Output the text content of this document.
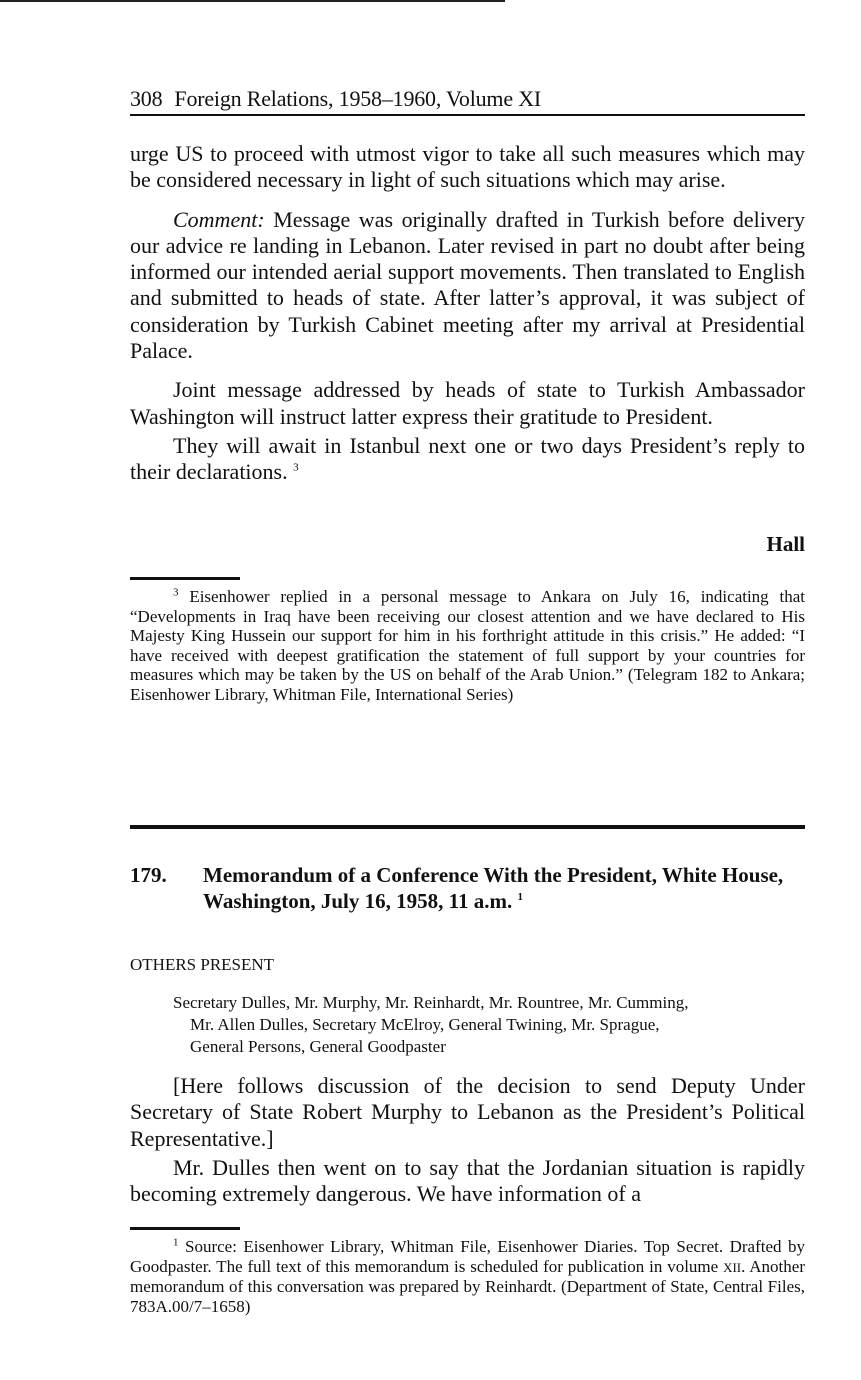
308 Foreign Relations, 1958–1960, Volume XI

urge US to proceed with utmost vigor to take all such measures which may be considered necessary in light of such situations which may arise.

Comment: Message was originally drafted in Turkish before delivery our advice re landing in Lebanon. Later revised in part no doubt after being informed our intended aerial support movements. Then translated to English and submitted to heads of state. After latter’s approval, it was subject of consideration by Turkish Cabinet meeting after my arrival at Presidential Palace.

Joint message addressed by heads of state to Turkish Ambassador Washington will instruct latter express their gratitude to President.

They will await in Istanbul next one or two days President’s reply to their declarations. $^3$

Hall

$^3$ Eisenhower replied in a personal message to Ankara on July 16, indicating that “Developments in Iraq have been receiving our closest attention and we have declared to His Majesty King Hussein our support for him in his forthright attitude in this crisis.” He added: “I have received with deepest gratification the statement of full support by your countries for measures which may be taken by the US on behalf of the Arab Union.” (Telegram 182 to Ankara; Eisenhower Library, Whitman File, International Series)

179. Memorandum of a Conference With the President, White House, Washington, July 16, 1958, 11 a.m. $^1$
OTHERS PRESENT
Secretary Dulles, Mr. Murphy, Mr. Reinhardt, Mr. Rountree, Mr. Cumming,
Mr. Allen Dulles, Secretary McElroy, General Twining, Mr. Sprague,
General Persons, General Goodpaster

[Here follows discussion of the decision to send Deputy Under Secretary of State Robert Murphy to Lebanon as the President’s Political Representative.]

Mr. Dulles then went on to say that the Jordanian situation is rapidly becoming extremely dangerous. We have information of a

$^1$ Source: Eisenhower Library, Whitman File, Eisenhower Diaries. Top Secret. Drafted by Goodpaster. The full text of this memorandum is scheduled for publication in volume XII. Another memorandum of this conversation was prepared by Reinhardt. (Department of State, Central Files, 783A.00/7–1658)
